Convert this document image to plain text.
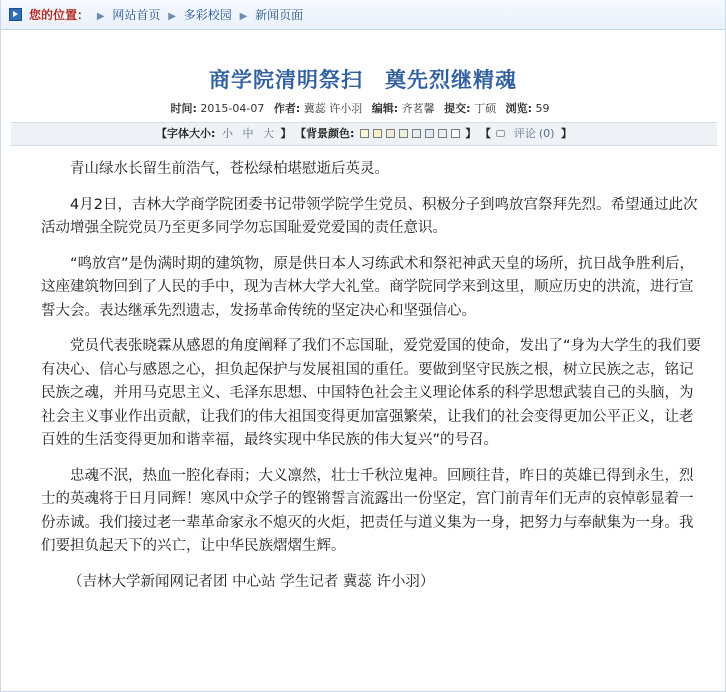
您的位置： ▶ 网站首页 ▶ 多彩校园 ▶ 新闻页面
商学院清明祭扫　奠先烈继精魂
时间: 2015-04-07 作者: 冀蕊 许小羽 编辑: 齐茗馨 提交: 丁硕 浏览: 59
【字体大小: 小 中 大 】 【背景颜色:	】 【 评论 (0) 】

青山绿水长留生前浩气，苍松绿柏堪慰逝后英灵。

4月2日，吉林大学商学院团委书记带领学院学生党员、积极分子到鸣放宫祭拜先烈。希望通过此次活动增强全院党员乃至更多同学勿忘国耻爱党爱国的责任意识。

“鸣放宫”是伪满时期的建筑物，原是供日本人习练武术和祭祀神武天皇的场所，抗日战争胜利后，这座建筑物回到了人民的手中，现为吉林大学大礼堂。商学院同学来到这里，顺应历史的洪流，进行宣誓大会。表达继承先烈遗志，发扬革命传统的坚定决心和坚强信心。

党员代表张晓霖从感恩的角度阐释了我们不忘国耻，爱党爱国的使命，发出了“身为大学生的我们要有决心、信心与感恩之心，担负起保护与发展祖国的重任。要做到坚守民族之根，树立民族之志，铭记民族之魂，并用马克思主义、毛泽东思想、中国特色社会主义理论体系的科学思想武装自己的头脑，为社会主义事业作出贡献，让我们的伟大祖国变得更加富强繁荣，让我们的社会变得更加公平正义，让老百姓的生活变得更加和谐幸福，最终实现中华民族的伟大复兴”的号召。

忠魂不泯，热血一腔化春雨；大义凛然，壮士千秋泣鬼神。回顾往昔，昨日的英雄已得到永生，烈士的英魂将于日月同辉！寒风中众学子的铿锵誓言流露出一份坚定，宫门前青年们无声的哀悼彰显着一份赤诚。我们接过老一辈革命家永不熄灭的火炬，把责任与道义集为一身，把努力与奉献集为一身。我们要担负起天下的兴亡，让中华民族熠熠生辉。

（吉林大学新闻网记者团 中心站 学生记者 冀蕊 许小羽）
